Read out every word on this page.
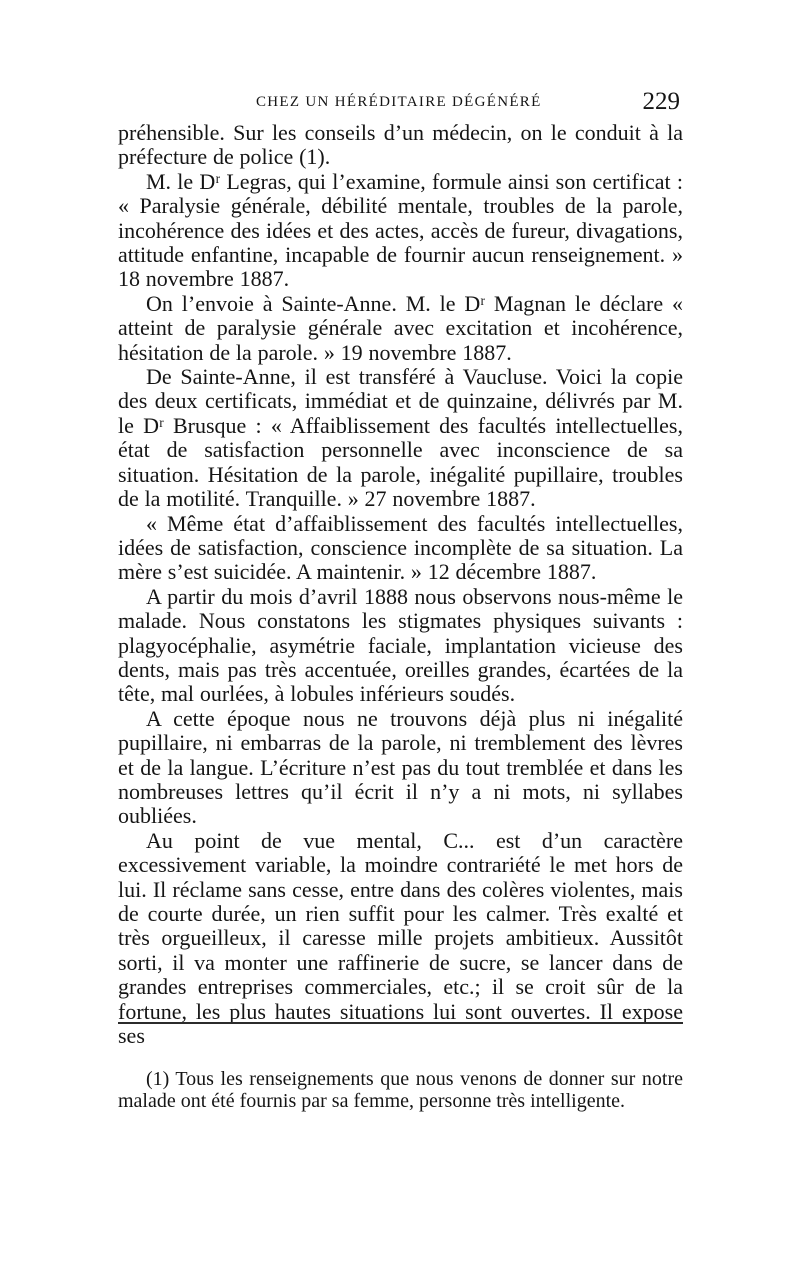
CHEZ UN HÉRÉDITAIRE DÉGÉNÉRÉ	229

préhensible. Sur les conseils d’un médecin, on le conduit à la préfecture de police (1).

M. le Dʳ Legras, qui l’examine, formule ainsi son certificat : « Paralysie générale, débilité mentale, troubles de la parole, incohérence des idées et des actes, accès de fureur, divagations, attitude enfantine, incapable de fournir aucun renseignement. » 18 novembre 1887.

On l’envoie à Sainte-Anne. M. le Dʳ Magnan le déclare « atteint de paralysie générale avec excitation et incohérence, hésitation de la parole. » 19 novembre 1887.

De Sainte-Anne, il est transféré à Vaucluse. Voici la copie des deux certificats, immédiat et de quinzaine, délivrés par M. le Dʳ Brusque : « Affaiblissement des facultés intellectuelles, état de satisfaction personnelle avec inconscience de sa situation. Hésitation de la parole, inégalité pupillaire, troubles de la motilité. Tranquille. » 27 novembre 1887.

« Même état d’affaiblissement des facultés intellectuelles, idées de satisfaction, conscience incomplète de sa situation. La mère s’est suicidée. A maintenir. » 12 décembre 1887.

A partir du mois d’avril 1888 nous observons nous-même le malade. Nous constatons les stigmates physiques suivants : plagyocéphalie, asymétrie faciale, implantation vicieuse des dents, mais pas très accentuée, oreilles grandes, écartées de la tête, mal ourlées, à lobules inférieurs soudés.

A cette époque nous ne trouvons déjà plus ni inégalité pupillaire, ni embarras de la parole, ni tremblement des lèvres et de la langue. L’écriture n’est pas du tout tremblée et dans les nombreuses lettres qu’il écrit il n’y a ni mots, ni syllabes oubliées.

Au point de vue mental, C... est d’un caractère excessivement variable, la moindre contrariété le met hors de lui. Il réclame sans cesse, entre dans des colères violentes, mais de courte durée, un rien suffit pour les calmer. Très exalté et très orgueilleux, il caresse mille projets ambitieux. Aussitôt sorti, il va monter une raffinerie de sucre, se lancer dans de grandes entreprises commerciales, etc.; il se croit sûr de la fortune, les plus hautes situations lui sont ouvertes. Il expose ses

(1) Tous les renseignements que nous venons de donner sur notre malade ont été fournis par sa femme, personne très intelligente.
